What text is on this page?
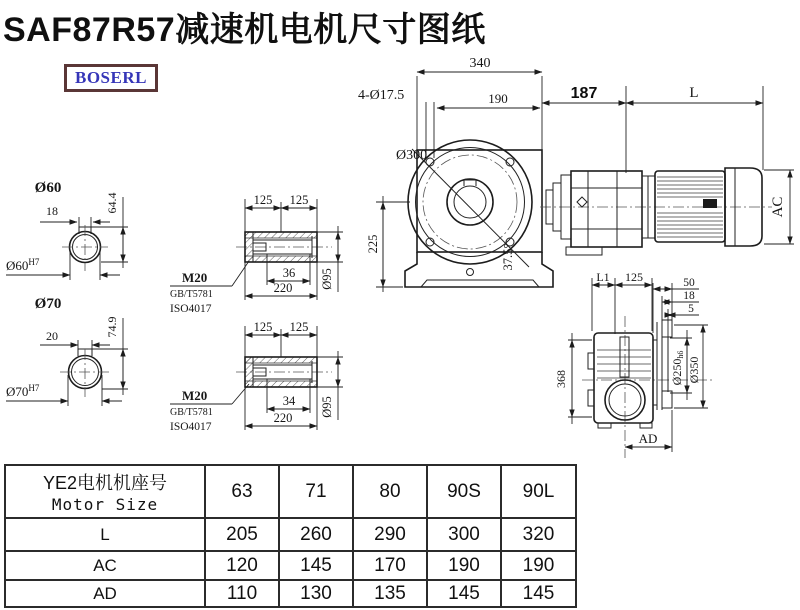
SAF87R57减速机电机尺寸图纸
BOSERL
Ø60
18	64.4
$Ø60^{H7}$
Ø70
20	74.9
$Ø70^{H7}$
125 125
36
220 Ø95
M20
GB/T5781
ISO4017
125 125
34
220
Ø95
M20
GB/T5781
ISO4017
340
4-Ø17.5	190
Ø300
225	37.5°
187	L
AC
L1 125	50
18
5
368	Ø250h6
Ø350
AD
YE2电机机座号
Motor Size	63	71	80	90S	90L
L	205	260	290	300	320
AC	120	145	170	190	190
AD	110	130	135	145	145
